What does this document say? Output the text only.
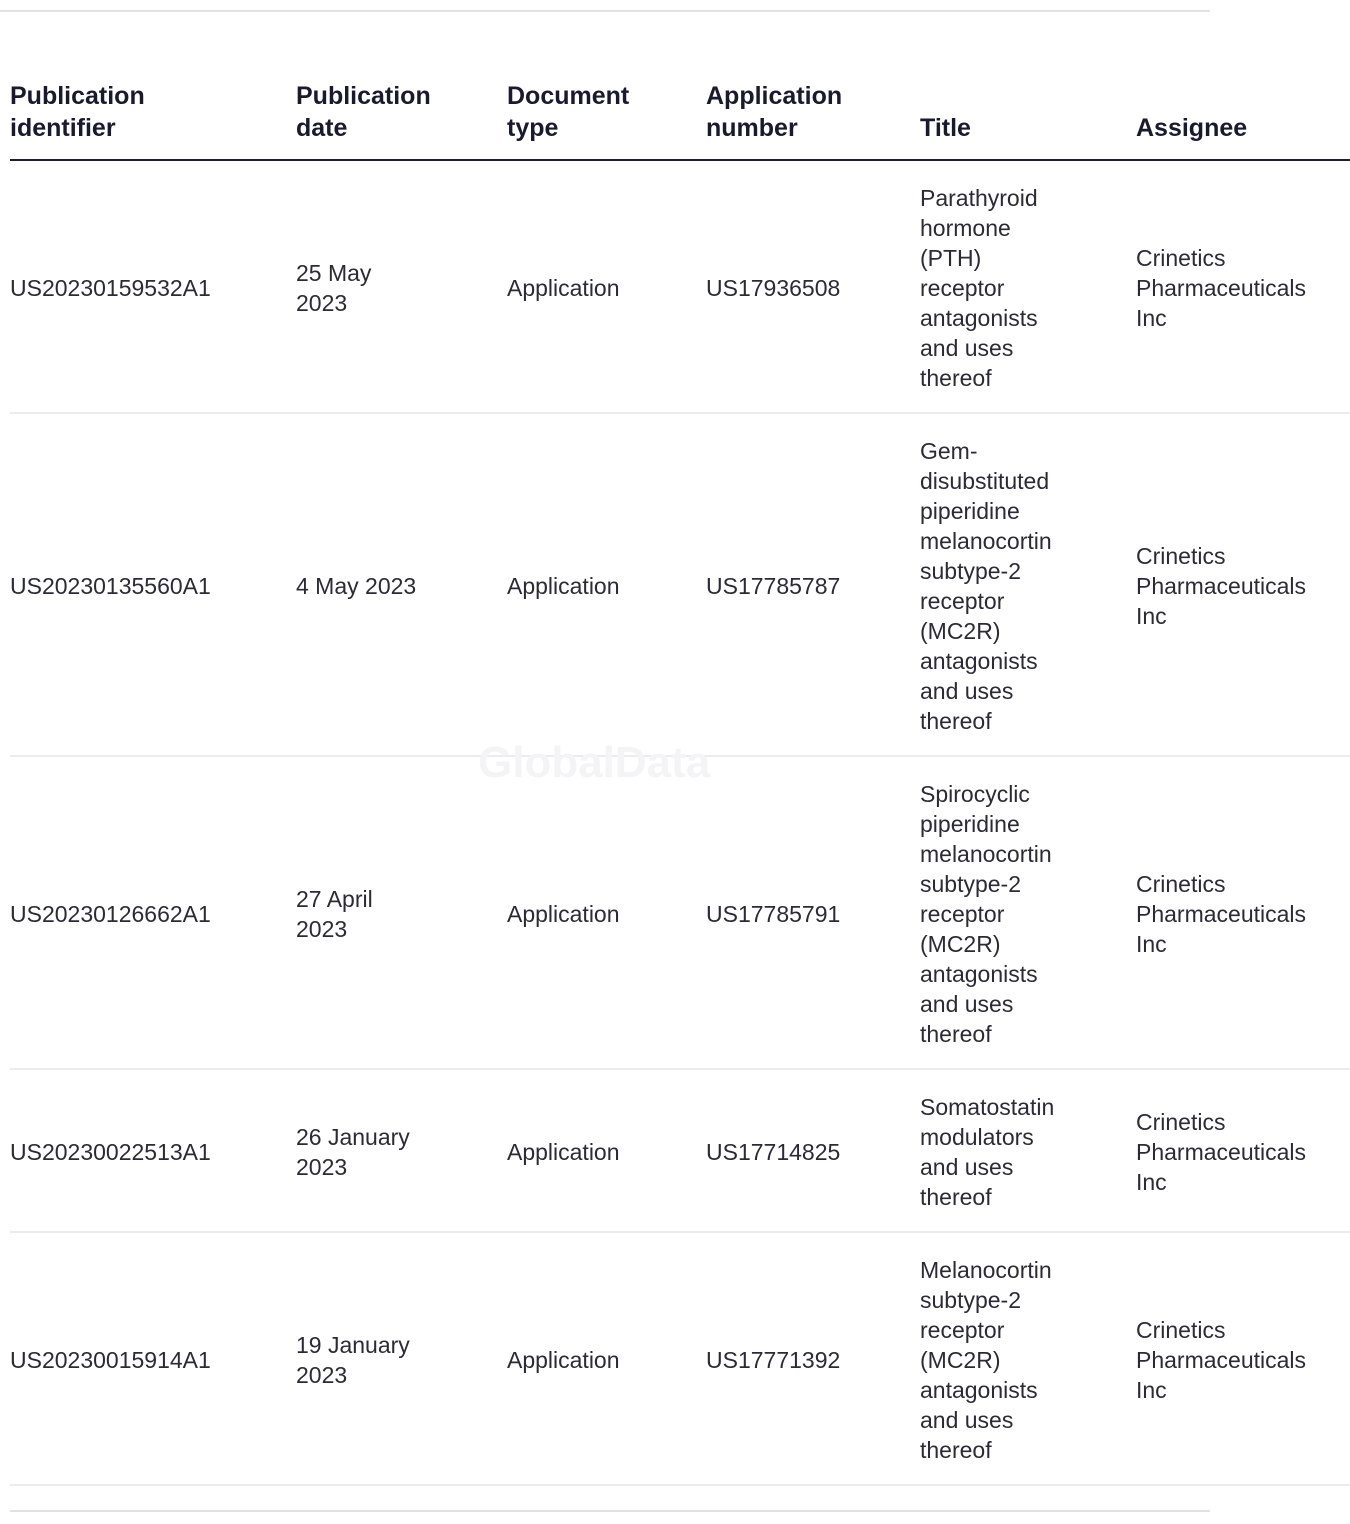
Publication identifier	Publication date	Document type	Application number	Title	Assignee

US20230159532A1	25 May 2023	Application	US17936508	Parathyroid hormone (PTH) receptor antagonists and uses thereof	Crinetics Pharmaceuticals Inc

US20230135560A1	4 May 2023	Application	US17785787	Gem-disubstituted piperidine melanocortin subtype-2 receptor (MC2R) antagonists and uses thereof	Crinetics Pharmaceuticals Inc

US20230126662A1	27 April 2023	Application	US17785791	Spirocyclic piperidine melanocortin subtype-2 receptor (MC2R) antagonists and uses thereof	Crinetics Pharmaceuticals Inc

US20230022513A1	26 January 2023	Application	US17714825	Somatostatin modulators and uses thereof	Crinetics Pharmaceuticals Inc

US20230015914A1	19 January 2023	Application	US17771392	Melanocortin subtype-2 receptor (MC2R) antagonists and uses thereof	Crinetics Pharmaceuticals Inc
GlobalData
